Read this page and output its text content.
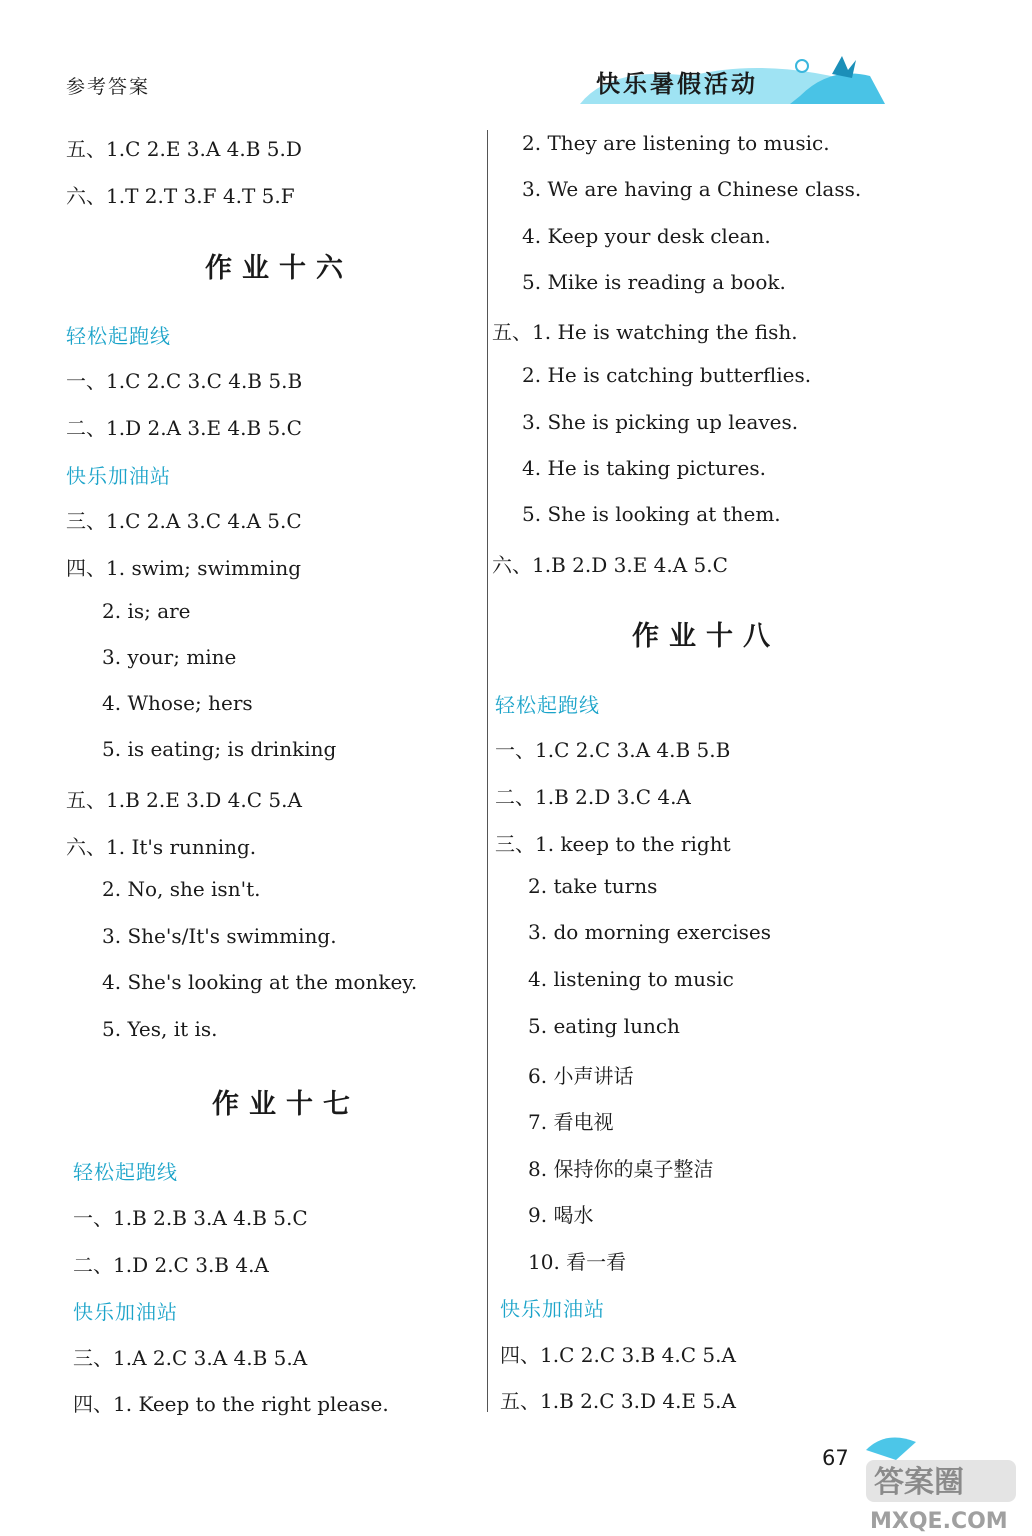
参考答案	快乐暑假活动
五、1.C 2.E 3.A 4.B 5.D
六、1.T 2.T 3.F 4.T 5.F
作业十六
轻松起跑线
一、1.C 2.C 3.C 4.B 5.B
二、1.D 2.A 3.E 4.B 5.C
快乐加油站
三、1.C 2.A 3.C 4.A 5.C
四、1. swim; swimming
2. is; are
3. your; mine
4. Whose; hers
5. is eating; is drinking
五、1.B 2.E 3.D 4.C 5.A
六、1. It's running.
2. No, she isn't.
3. She's/It's swimming.
4. She's looking at the monkey.
5. Yes, it is.
作业十七
轻松起跑线
一、1.B 2.B 3.A 4.B 5.C
二、1.D 2.C 3.B 4.A
快乐加油站
三、1.A 2.C 3.A 4.B 5.A
四、1. Keep to the right please.
2. They are listening to music.
3. We are having a Chinese class.
4. Keep your desk clean.
5. Mike is reading a book.
五、1. He is watching the fish.
2. He is catching butterflies.
3. She is picking up leaves.
4. He is taking pictures.
5. She is looking at them.
六、1.B 2.D 3.E 4.A 5.C
作业十八
轻松起跑线
一、1.C 2.C 3.A 4.B 5.B
二、1.B 2.D 3.C 4.A
三、1. keep to the right
2. take turns
3. do morning exercises
4. listening to music
5. eating lunch
6. 小声讲话
7. 看电视
8. 保持你的桌子整洁
9. 喝水
10. 看一看
快乐加油站
四、1.C 2.C 3.B 4.C 5.A
五、1.B 2.C 3.D 4.E 5.A
67
答案圈
MXQE.COM
